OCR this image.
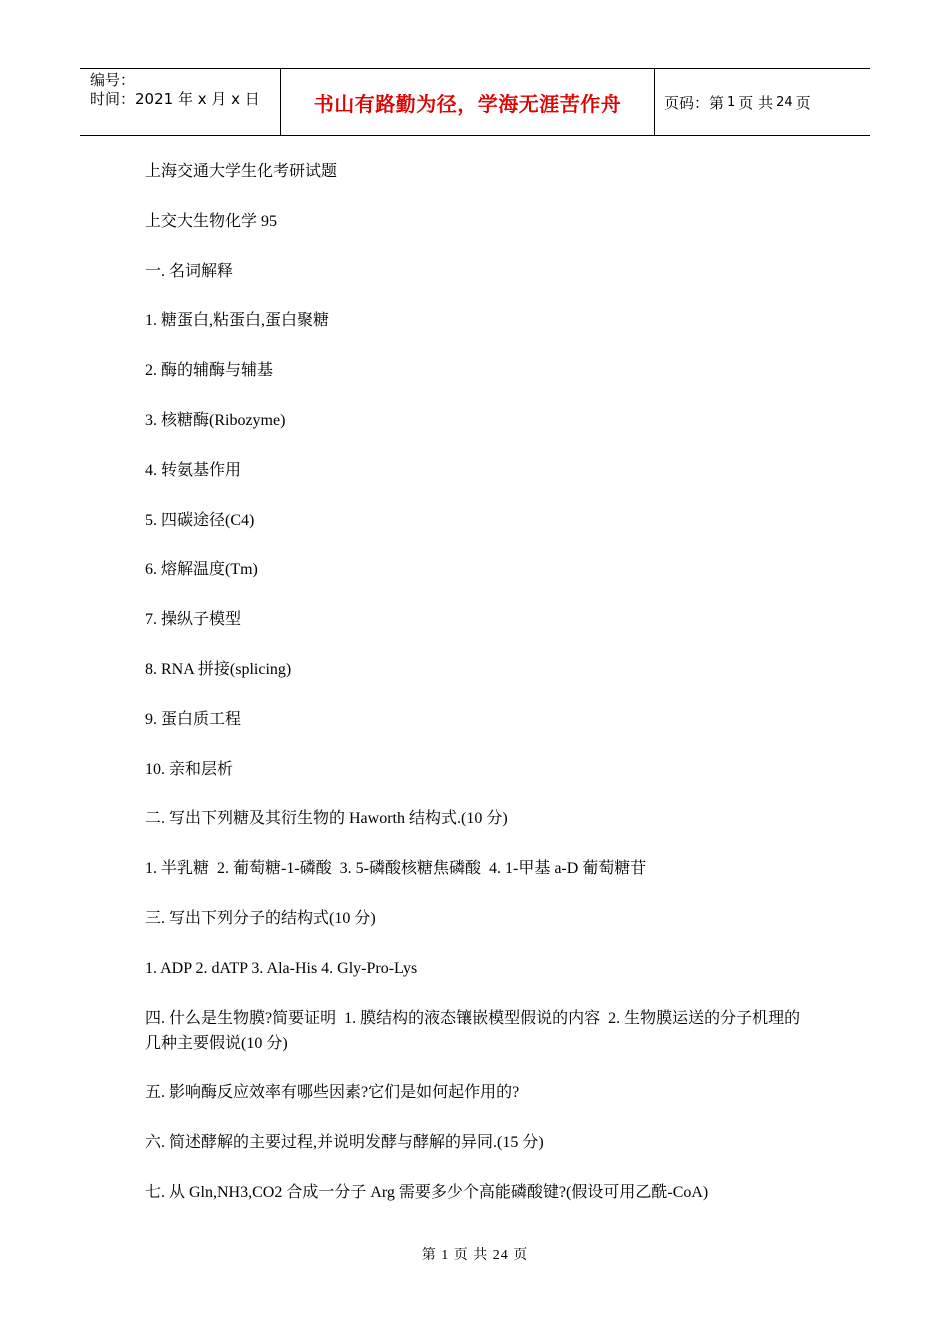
编号：
时间：2021 年 x 月 x 日	书山有路勤为径，学海无涯苦作舟	页码：第 1 页 共 24 页

上海交通大学生化考研试题

上交大生物化学 95

一. 名词解释

1. 糖蛋白,粘蛋白,蛋白聚糖

2. 酶的辅酶与辅基

3. 核糖酶(Ribozyme)

4. 转氨基作用

5. 四碳途径(C4)

6. 熔解温度(Tm)

7. 操纵子模型

8. RNA 拼接(splicing)

9. 蛋白质工程

10. 亲和层析

二. 写出下列糖及其衍生物的 Haworth 结构式.(10 分)

1. 半乳糖  2. 葡萄糖-1-磷酸  3. 5-磷酸核糖焦磷酸  4. 1-甲基 a-D 葡萄糖苷

三. 写出下列分子的结构式(10 分)

1. ADP 2. dATP 3. Ala-His 4. Gly-Pro-Lys

四. 什么是生物膜?简要证明  1. 膜结构的液态镶嵌模型假说的内容  2. 生物膜运送的分子机理的几种主要假说(10 分)

五. 影响酶反应效率有哪些因素?它们是如何起作用的?

六. 简述酵解的主要过程,并说明发酵与酵解的异同.(15 分)

七. 从 Gln,NH3,CO2 合成一分子 Arg 需要多少个高能磷酸键?(假设可用乙酰-CoA)

第 1 页 共 24 页
